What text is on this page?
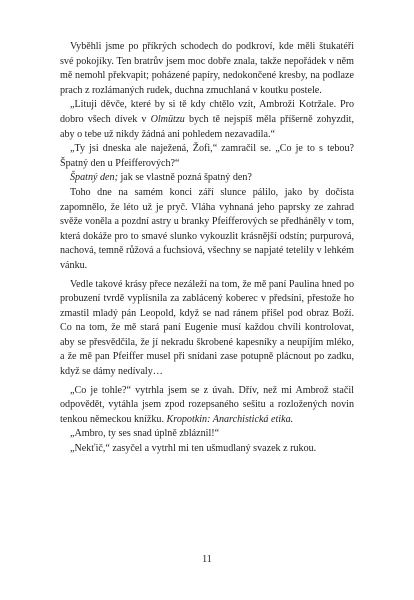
Vyběhli jsme po příkrých schodech do podkroví, kde měli štukatéři své pokojíky. Ten bratrův jsem moc dobře znala, takže nepořádek v něm mě nemohl překvapit; poházené papíry, nedokončené kresby, na podlaze prach z rozlámaných rudek, duchna zmuchlaná v koutku postele.

„Lituji děvče, které by si tě kdy chtělo vzít, Ambroži Kotržale. Pro dobro všech dívek v Olmützu bych tě nejspíš měla příšerně zohyzdit, aby o tebe už nikdy žádná ani pohledem nezavadila.“

„Ty jsi dneska ale naježená, Žofi,“ zamračil se. „Co je to s tebou? Špatný den u Pfeifferových?“

Špatný den; jak se vlastně pozná špatný den?

Toho dne na samém konci září slunce pálilo, jako by dočista zapomnělo, že léto už je pryč. Vláha vyhnaná jeho paprsky ze zahrad svěže voněla a pozdní astry u branky Pfeifferových se předháněly v tom, která dokáže pro to smavé slunko vykouzlit krásnější odstín; purpurová, nachová, temně růžová a fuchsiová, všechny se napjaté tetelily v lehkém vánku.

Vedle takové krásy přece nezáleží na tom, že mě paní Paulina hned po probuzení tvrdě vyplísnila za zablácený koberec v předsíni, přestože ho zmastil mladý pán Leopold, když se nad ránem přišel pod obraz Boží. Co na tom, že mě stará paní Eugenie musí každou chvíli kontrolovat, aby se přesvědčila, že jí nekradu škrobené kapesníky a neupíjím mléko, a že mě pan Pfeiffer musel při snídani zase potupně plácnout po zadku, když se dámy nedívaly…

„Co je tohle?“ vytrhla jsem se z úvah. Dřív, než mi Ambrož stačil odpovědět, vytáhla jsem zpod rozepsaného sešitu a rozložených novin tenkou německou knížku. Kropotkin: Anarchistická etika.

„Ambro, ty ses snad úplně zbláznil!“

„Nekťič,“ zasyčel a vytrhl mi ten ušmudlaný svazek z rukou.

11
